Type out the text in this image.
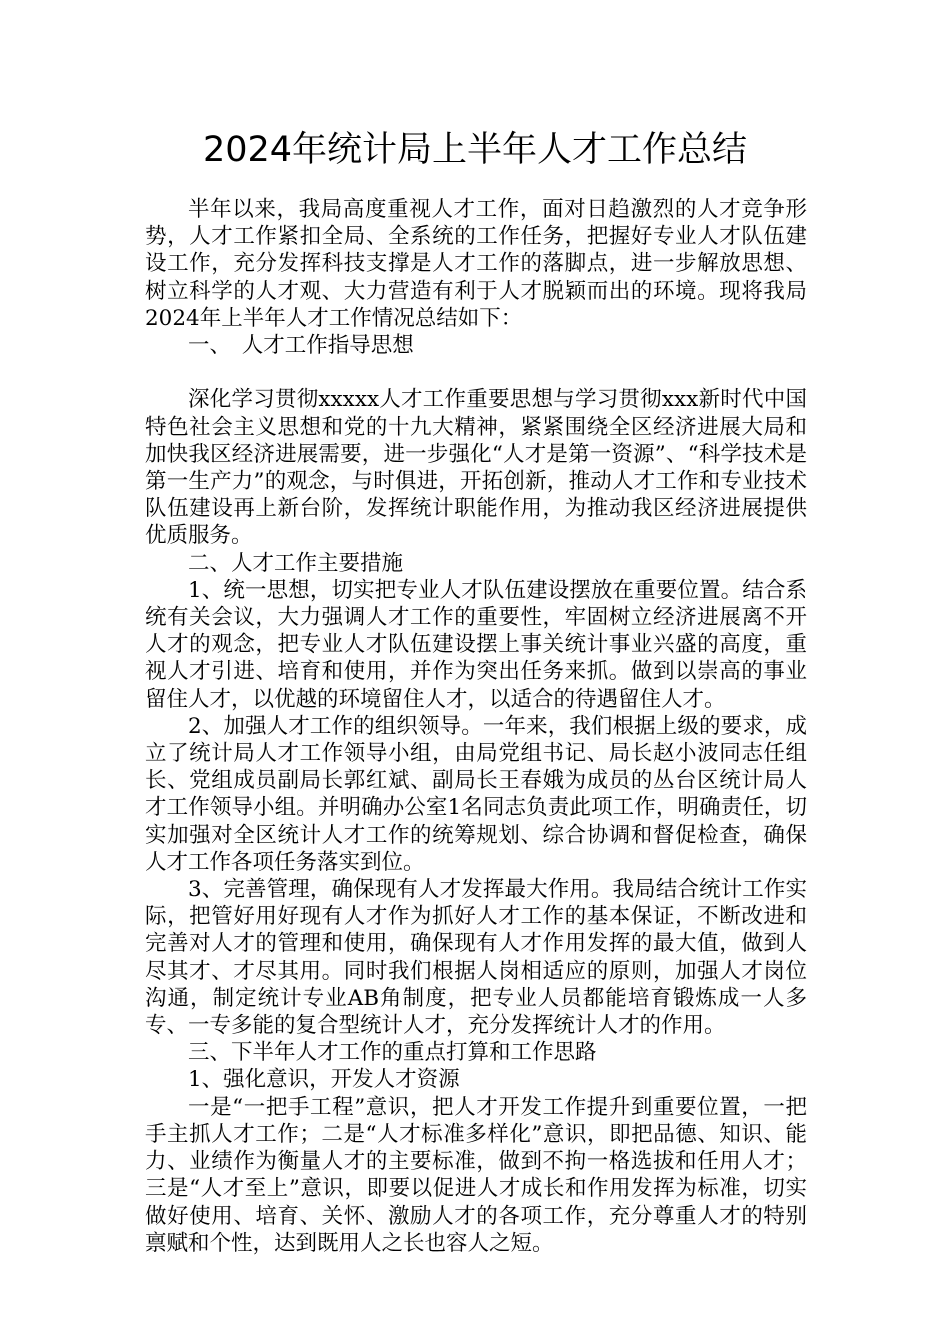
2024年统计局上半年人才工作总结

半年以来，我局高度重视人才工作，面对日趋激烈的人才竞争形势，人才工作紧扣全局、全系统的工作任务，把握好专业人才队伍建设工作，充分发挥科技支撑是人才工作的落脚点，进一步解放思想、树立科学的人才观、大力营造有利于人才脱颖而出的环境。现将我局2024年上半年人才工作情况总结如下：

一、　人才工作指导思想

深化学习贯彻xxxxx人才工作重要思想与学习贯彻xxx新时代中国特色社会主义思想和党的十九大精神，紧紧围绕全区经济进展大局和加快我区经济进展需要，进一步强化“人才是第一资源”、“科学技术是第一生产力”的观念，与时俱进，开拓创新，推动人才工作和专业技术队伍建设再上新台阶，发挥统计职能作用，为推动我区经济进展提供优质服务。

二、人才工作主要措施

1、统一思想，切实把专业人才队伍建设摆放在重要位置。结合系统有关会议，大力强调人才工作的重要性，牢固树立经济进展离不开人才的观念，把专业人才队伍建设摆上事关统计事业兴盛的高度，重视人才引进、培育和使用，并作为突出任务来抓。做到以崇高的事业留住人才，以优越的环境留住人才，以适合的待遇留住人才。

2、加强人才工作的组织领导。一年来，我们根据上级的要求，成立了统计局人才工作领导小组，由局党组书记、局长赵小波同志任组长、党组成员副局长郭红斌、副局长王春娥为成员的丛台区统计局人才工作领导小组。并明确办公室1名同志负责此项工作，明确责任，切实加强对全区统计人才工作的统筹规划、综合协调和督促检查，确保人才工作各项任务落实到位。

3、完善管理，确保现有人才发挥最大作用。我局结合统计工作实际，把管好用好现有人才作为抓好人才工作的基本保证，不断改进和完善对人才的管理和使用，确保现有人才作用发挥的最大值，做到人尽其才、才尽其用。同时我们根据人岗相适应的原则，加强人才岗位沟通，制定统计专业AB角制度，把专业人员都能培育锻炼成一人多专、一专多能的复合型统计人才，充分发挥统计人才的作用。

三、下半年人才工作的重点打算和工作思路

1、强化意识，开发人才资源

一是“一把手工程”意识，把人才开发工作提升到重要位置，一把手主抓人才工作；二是“人才标准多样化”意识，即把品德、知识、能力、业绩作为衡量人才的主要标准，做到不拘一格选拔和任用人才；三是“人才至上”意识，即要以促进人才成长和作用发挥为标准，切实做好使用、培育、关怀、激励人才的各项工作，充分尊重人才的特别禀赋和个性，达到既用人之长也容人之短。
